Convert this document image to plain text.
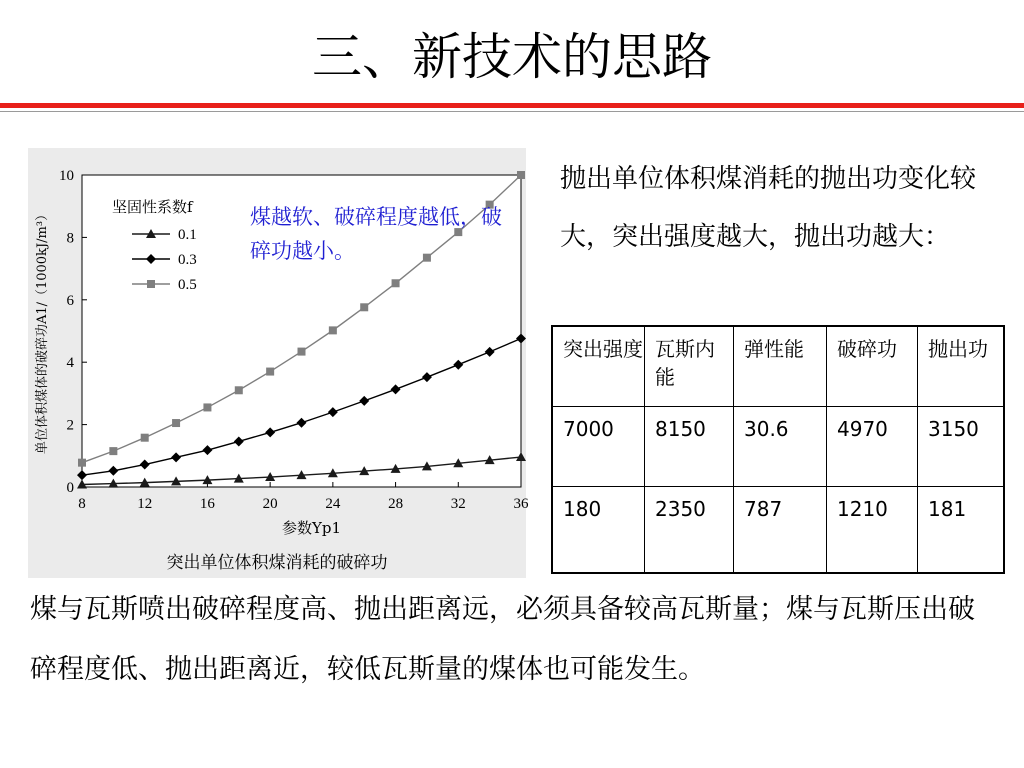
三、新技术的思路
8	12	16	20	24	28	32	36
0
2
4
6
8
10
参数Yp1
单位体积煤体的破碎功A1/（1000kJ/m³）
坚固性系数f
0.1
0.3
0.5
煤越软、破碎程度越低，破碎功越小。
突出单位体积煤消耗的破碎功
抛出单位体积煤消耗的抛出功变化较大，突出强度越大，抛出功越大：
突出强度	瓦斯内能	弹性能	破碎功	抛出功
7000	8150	30.6	4970	3150
180	2350	787	1210	181
煤与瓦斯喷出破碎程度高、抛出距离远，必须具备较高瓦斯量；煤与瓦斯压出破碎程度低、抛出距离近，较低瓦斯量的煤体也可能发生。
